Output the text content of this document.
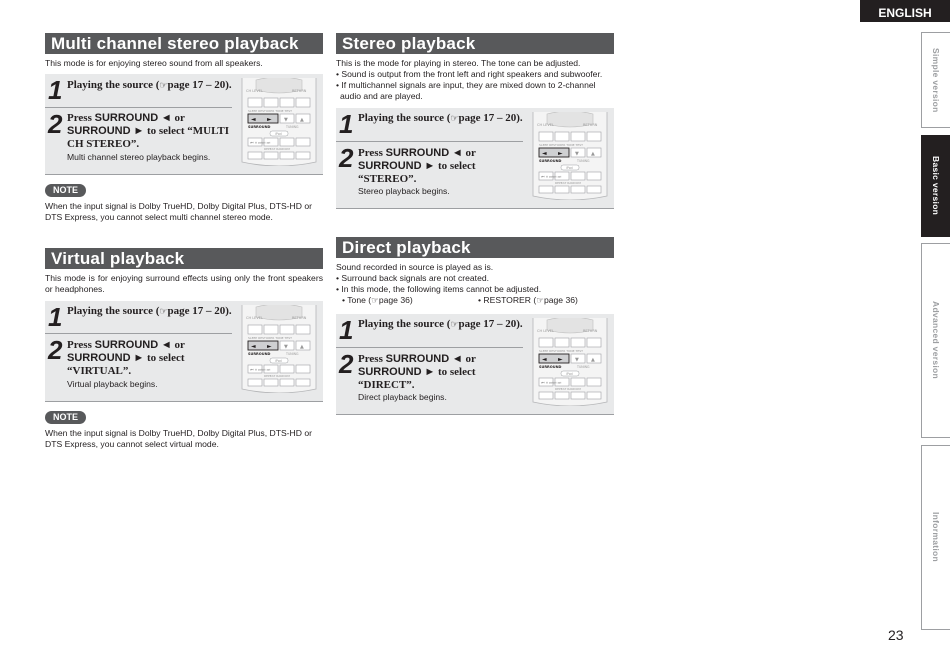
ENGLISH
Simple version
Basic version
Advanced version
Information
23
Multi channel stereo playback
This mode is for enjoying stereo sound from all speakers.
1 Playing the source (☞page 17 – 20).
2 Press SURROUND ◄ or
SURROUND ► to select “MULTI CH STEREO”.
Multi channel stereo playback begins.
CH LEVEL	RETURN
SLEEP RESTORER TONE TEST
◄ ► ▼ ▲
SURROUND	TUNING
iPod
⏮ ⏸ ⏭⏭ ⏭
REPEAT RANDOM
NOTE
When the input signal is Dolby TrueHD, Dolby Digital Plus, DTS-HD or DTS Express, you cannot select multi channel stereo mode.
Virtual playback
This mode is for enjoying surround effects using only the front speakers or headphones.
1 Playing the source (☞page 17 – 20).
2 Press SURROUND ◄ or
SURROUND ► to select “VIRTUAL”.
Virtual playback begins.
CH LEVEL	RETURN
SLEEP RESTORER TONE TEST
◄ ► ▼ ▲
SURROUND	TUNING
iPod
⏮ ⏸ ⏭⏭ ⏭
REPEAT RANDOM
NOTE
When the input signal is Dolby TrueHD, Dolby Digital Plus, DTS-HD or DTS Express, you cannot select virtual mode.
Stereo playback
This is the mode for playing in stereo. The tone can be adjusted.
• Sound is output from the front left and right speakers and subwoofer.
• If multichannel signals are input, they are mixed down to 2-channel audio and are played.
1 Playing the source (☞page 17 – 20).
2 Press SURROUND ◄ or
SURROUND ► to select “STEREO”.
Stereo playback begins.
CH LEVEL	RETURN
SLEEP RESTORER TONE TEST
◄ ► ▼ ▲
SURROUND	TUNING
iPod
⏮ ⏸ ⏭⏭ ⏭
REPEAT RANDOM
Direct playback
Sound recorded in source is played as is.
• Surround back signals are not created.
• In this mode, the following items cannot be adjusted.
• Tone (☞page 36)	• RESTORER (☞page 36)
1 Playing the source (☞page 17 – 20).
2 Press SURROUND ◄ or
SURROUND ► to select “DIRECT”.
Direct playback begins.
CH LEVEL	RETURN
SLEEP RESTORER TONE TEST
◄ ► ▼ ▲
SURROUND	TUNING
iPod
⏮ ⏸ ⏭⏭ ⏭
REPEAT RANDOM
